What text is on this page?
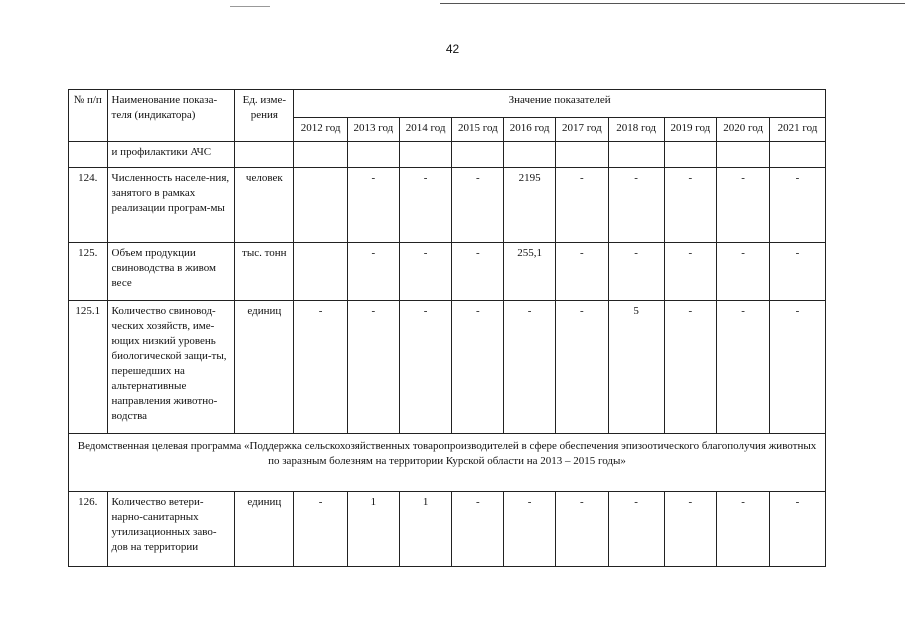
42
№ п/п	Наименование показа-теля (индикатора)	Ед. изме-рения	Значение показателей									
			2012 год	2013 год	2014 год	2015 год	2016 год	2017 год	2018 год	2019 год	2020 год	2021 год
	и профилактики АЧС											
124.	Численность населе-ния, занятого в рамках реализации програм-мы	человек		-	-	-	2195	-	-	-	-	-
125.	Объем продукции свиноводства в живом весе	тыс. тонн		-	-	-	255,1	-	-	-	-	-
125.1	Количество свиновод-ческих хозяйств, име-ющих низкий уровень биологической защи-ты, перешедших на альтернативные направления животно-водства	единиц	-	-	-	-	-	-	5	-	-	-
Ведомственная целевая программа «Поддержка сельскохозяйственных товаропроизводителей в сфере обеспечения эпизоотического благополучия животных по заразным болезням на территории Курской области на 2013 – 2015 годы»												
126.	Количество ветери-нарно-санитарных утилизационных заво-дов на территории	единиц	-	1	1	-	-	-	-	-	-	-
